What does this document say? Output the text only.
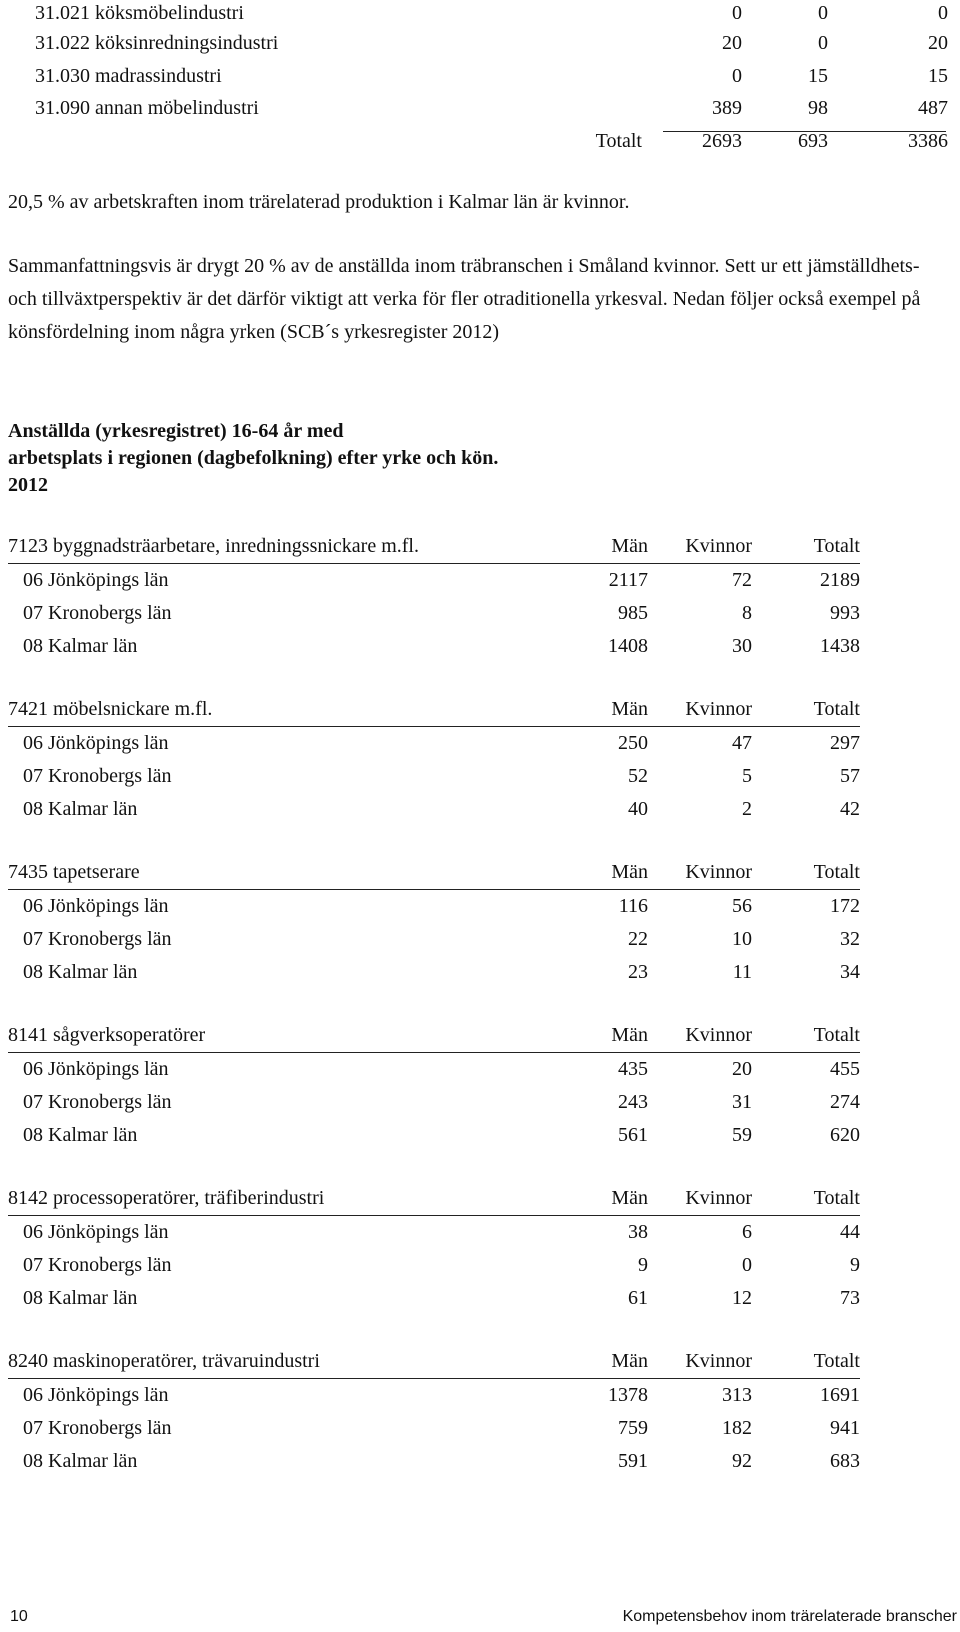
31.021 köksmöbelindustri	0	0	0
31.022 köksinredningsindustri	20	0	20
31.030 madrassindustri	0	15	15
31.090 annan möbelindustri	389	98	487
Totalt	2693	693	3386

20,5 % av arbetskraften inom trärelaterad produktion i Kalmar län är kvinnor.

Sammanfattningsvis är drygt 20 % av de anställda inom träbranschen i Småland kvinnor. Sett ur ett jämställdhets- och tillväxtperspektiv är det därför viktigt att verka för fler otraditionella yrkesval. Nedan följer också exempel på könsfördelning inom några yrken (SCB´s yrkesregister 2012)

Anställda (yrkesregistret) 16-64 år med
arbetsplats i regionen (dagbefolkning) efter yrke och kön.
2012
7123 byggnadsträarbetare, inredningssnickare m.fl.	Män Kvinnor	Totalt
06 Jönköpings län	2117	72	2189
07 Kronobergs län	985	8	993
08 Kalmar län	1408	30	1438
7421 möbelsnickare m.fl.	Män Kvinnor	Totalt
06 Jönköpings län	250	47	297
07 Kronobergs län	52	5	57
08 Kalmar län	40	2	42
7435 tapetserare	Män Kvinnor	Totalt
06 Jönköpings län	116	56	172
07 Kronobergs län	22	10	32
08 Kalmar län	23	11	34
8141 sågverksoperatörer	Män Kvinnor	Totalt
06 Jönköpings län	435	20	455
07 Kronobergs län	243	31	274
08 Kalmar län	561	59	620
8142 processoperatörer, träfiberindustri	Män Kvinnor	Totalt
06 Jönköpings län	38	6	44
07 Kronobergs län	9	0	9
08 Kalmar län	61	12	73
8240 maskinoperatörer, trävaruindustri	Män Kvinnor	Totalt
06 Jönköpings län	1378	313	1691
07 Kronobergs län	759	182	941
08 Kalmar län	591	92	683
10	Kompetensbehov inom trärelaterade branscher
